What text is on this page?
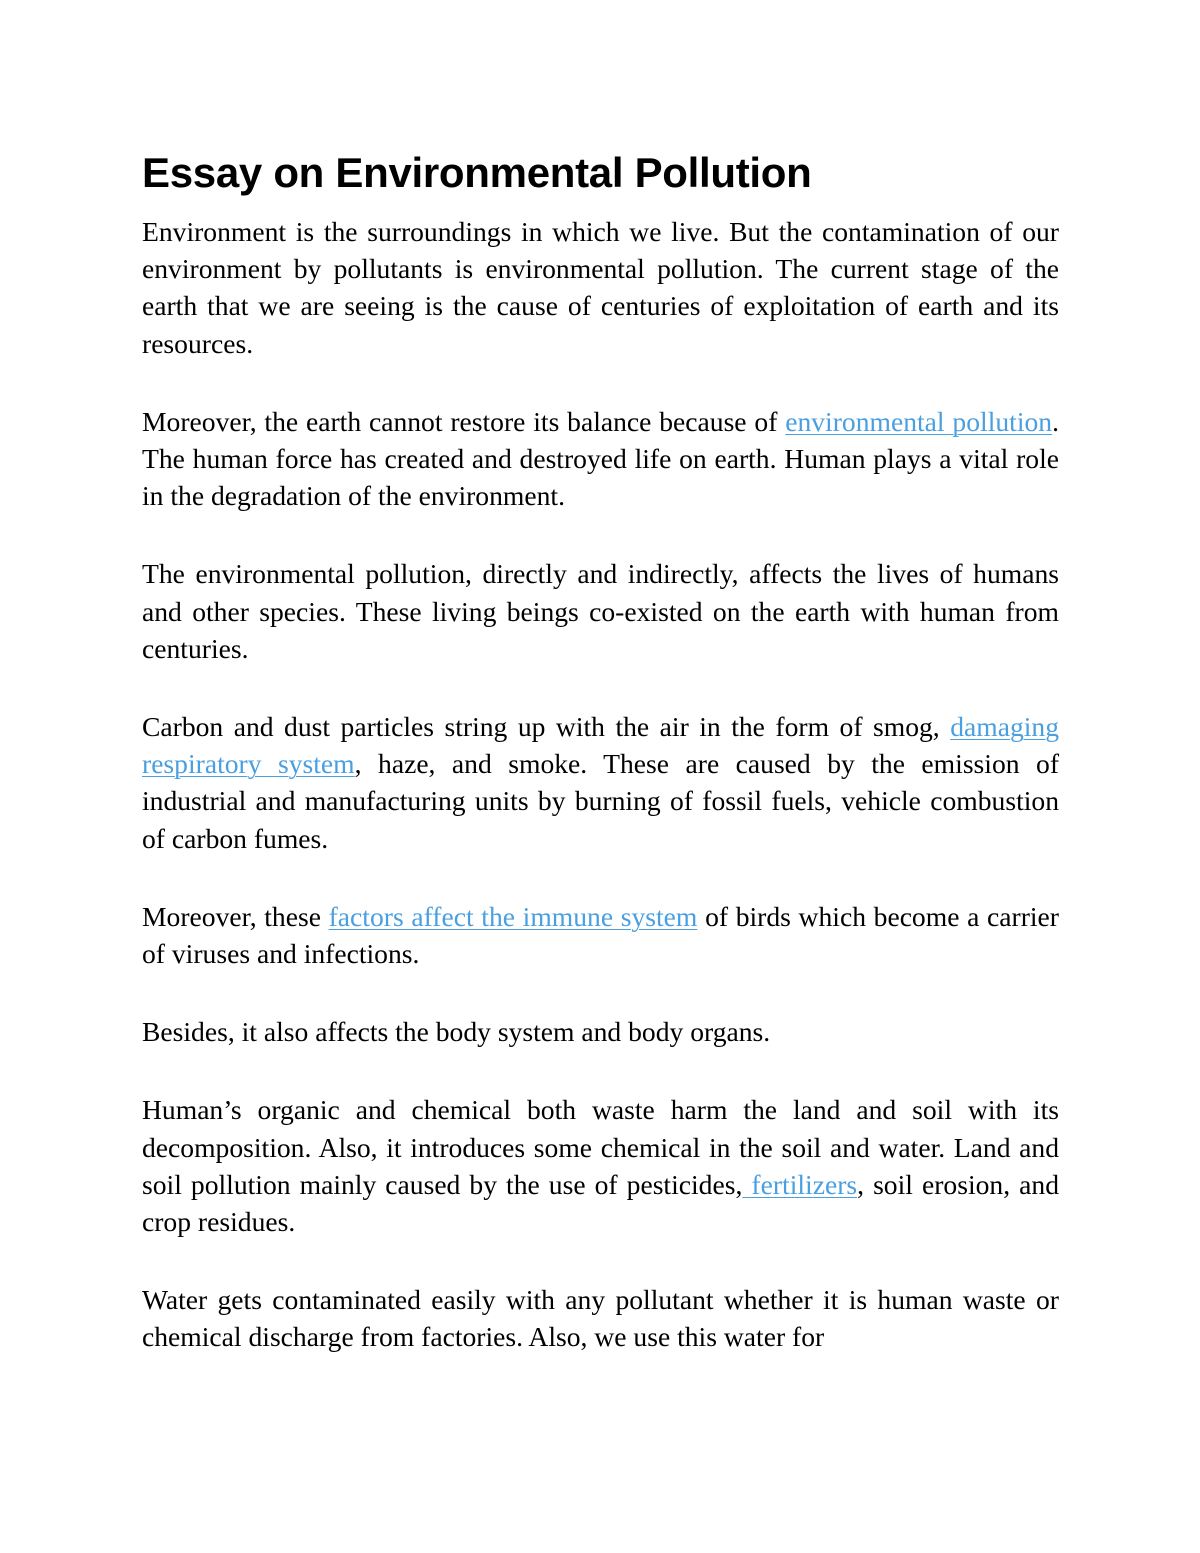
Essay on Environmental Pollution

Environment is the surroundings in which we live. But the contamination of our environment by pollutants is environmental pollution. The current stage of the earth that we are seeing is the cause of centuries of exploitation of earth and its resources.

Moreover, the earth cannot restore its balance because of environmental pollution. The human force has created and destroyed life on earth. Human plays a vital role in the degradation of the environment.

The environmental pollution, directly and indirectly, affects the lives of humans and other species. These living beings co-existed on the earth with human from centuries.

Carbon and dust particles string up with the air in the form of smog, damaging respiratory system, haze, and smoke. These are caused by the emission of industrial and manufacturing units by burning of fossil fuels, vehicle combustion of carbon fumes.

Moreover, these factors affect the immune system of birds which become a carrier of viruses and infections.

Besides, it also affects the body system and body organs.

Human’s organic and chemical both waste harm the land and soil with its decomposition. Also, it introduces some chemical in the soil and water. Land and soil pollution mainly caused by the use of pesticides, fertilizers, soil erosion, and crop residues.

Water gets contaminated easily with any pollutant whether it is human waste or chemical discharge from factories. Also, we use this water for
